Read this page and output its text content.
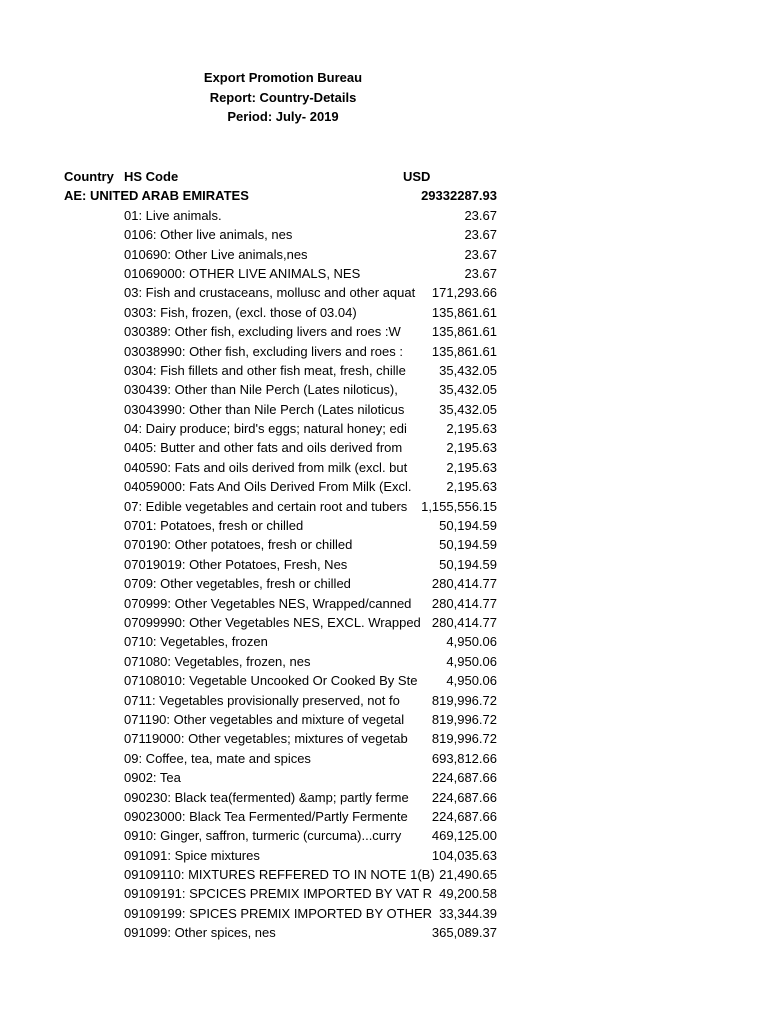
Export Promotion Bureau
Report: Country-Details
Period: July- 2019
Country HS Code	USD
AE: UNITED ARAB EMIRATES	29332287.93
01: Live animals.	23.67
0106: Other live animals, nes	23.67
010690: Other Live animals,nes	23.67
01069000: OTHER LIVE ANIMALS, NES	23.67
03: Fish and crustaceans, mollusc and other aquat 171,293.66
0303: Fish, frozen, (excl. those of 03.04)	135,861.61
030389: Other fish, excluding livers and roes :W 135,861.61
03038990: Other fish, excluding livers and roes : 135,861.61
0304: Fish fillets and other fish meat, fresh, chille	35,432.05
030439: Other than Nile Perch (Lates niloticus),	35,432.05
03043990: Other than Nile Perch (Lates niloticus	35,432.05
04: Dairy produce; bird's eggs; natural honey; edi	2,195.63
0405: Butter and other fats and oils derived from	2,195.63
040590: Fats and oils derived from milk (excl. but	2,195.63
04059000: Fats And Oils Derived From Milk (Excl.	2,195.63
07: Edible vegetables and certain root and tubers 1,155,556.15
0701: Potatoes, fresh or chilled	50,194.59
070190: Other potatoes, fresh or chilled	50,194.59
07019019: Other Potatoes, Fresh, Nes	50,194.59
0709: Other vegetables, fresh or chilled	280,414.77
070999: Other Vegetables NES, Wrapped/canned 280,414.77
07099990: Other Vegetables NES, EXCL. Wrapped 280,414.77
0710: Vegetables, frozen	4,950.06
071080: Vegetables, frozen, nes	4,950.06
07108010: Vegetable Uncooked Or Cooked By Ste 4,950.06
0711: Vegetables provisionally preserved, not fo 819,996.72
071190: Other vegetables and mixture of vegetal 819,996.72
07119000: Other vegetables; mixtures of vegetab 819,996.72
09: Coffee, tea, mate and spices	693,812.66
0902: Tea	224,687.66
090230: Black tea(fermented) &amp; partly ferme 224,687.66
09023000: Black Tea Fermented/Partly Fermente 224,687.66
0910: Ginger, saffron, turmeric (curcuma)...curry 469,125.00
091091: Spice mixtures	104,035.63
09109110: MIXTURES REFFERED TO IN NOTE 1(B) 21,490.65
09109191: SPCICES PREMIX IMPORTED BY VAT R 49,200.58
09109199: SPICES PREMIX IMPORTED BY OTHER 33,344.39
091099: Other spices, nes	365,089.37
